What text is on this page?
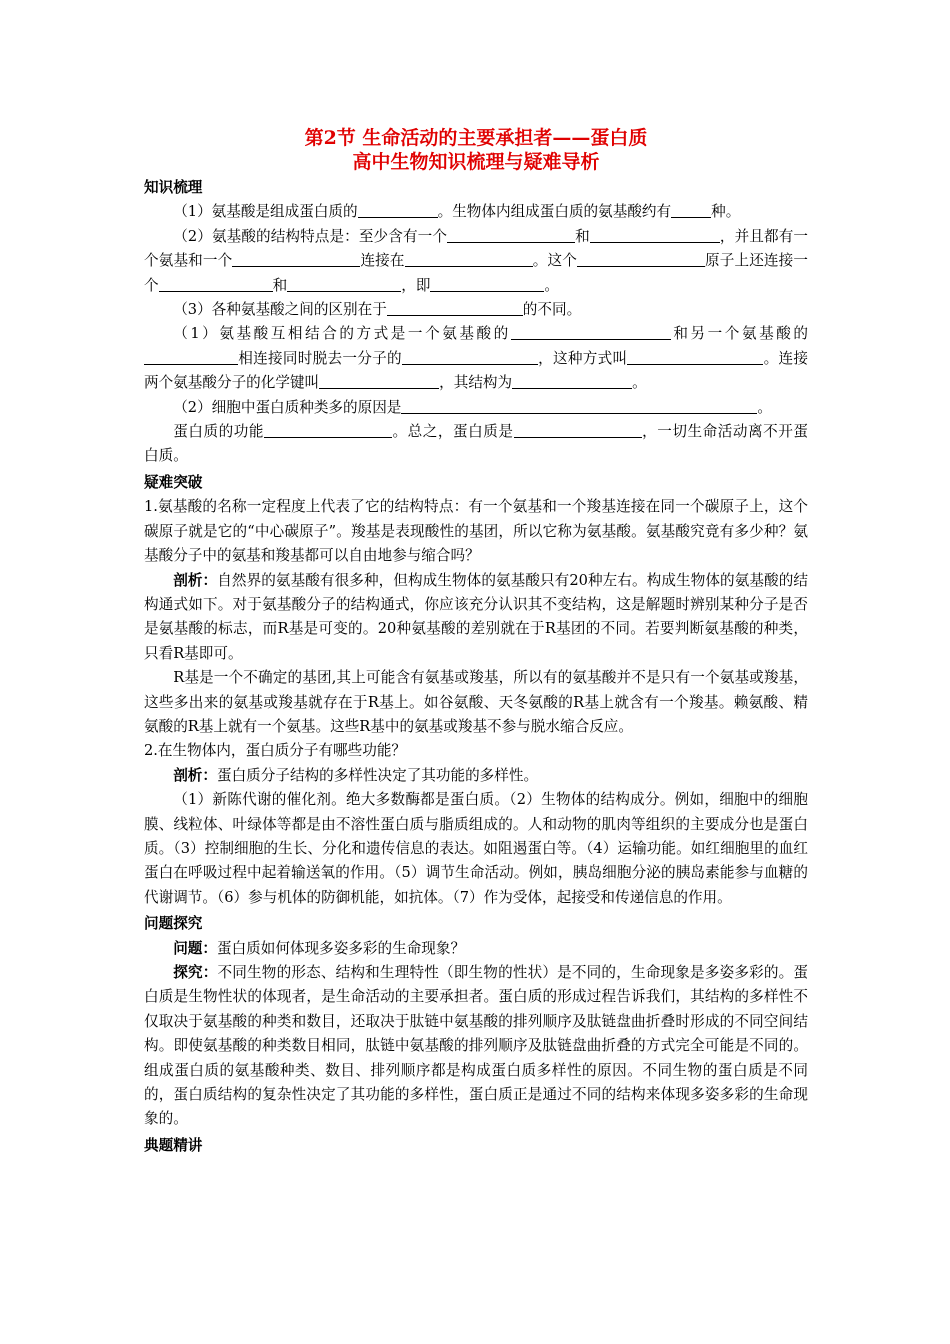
第2节 生命活动的主要承担者——蛋白质
高中生物知识梳理与疑难导析
知识梳理

（1）氨基酸是组成蛋白质的	。生物体内组成蛋白质的氨基酸约有	种。

（2）氨基酸的结构特点是：至少含有一个	和	，并且都有一个氨基和一个	连接在	。这个	原子上还连接一个	和	，即	。

（3）各种氨基酸之间的区别在于	的不同。

（1）氨基酸互相结合的方式是一个氨基酸的	和另一个氨基酸的相连接同时脱去一分子的	，这种方式叫	。连接两个氨基酸分子的化学键叫	，其结构为	。

（2）细胞中蛋白质种类多的原因是	。

蛋白质的功能	。总之，蛋白质是	，一切生命活动离不开蛋白质。

疑难突破

1.氨基酸的名称一定程度上代表了它的结构特点：有一个氨基和一个羧基连接在同一个碳原子上，这个碳原子就是它的“中心碳原子”。羧基是表现酸性的基团，所以它称为氨基酸。氨基酸究竟有多少种？氨基酸分子中的氨基和羧基都可以自由地参与缩合吗？

剖析：自然界的氨基酸有很多种，但构成生物体的氨基酸只有20种左右。构成生物体的氨基酸的结构通式如下。对于氨基酸分子的结构通式，你应该充分认识其不变结构，这是解题时辨别某种分子是否是氨基酸的标志，而R基是可变的。20种氨基酸的差别就在于R基团的不同。若要判断氨基酸的种类，只看R基即可。

R基是一个不确定的基团,其上可能含有氨基或羧基，所以有的氨基酸并不是只有一个氨基或羧基，这些多出来的氨基或羧基就存在于R基上。如谷氨酸、天冬氨酸的R基上就含有一个羧基。赖氨酸、精氨酸的R基上就有一个氨基。这些R基中的氨基或羧基不参与脱水缩合反应。

2.在生物体内，蛋白质分子有哪些功能？

剖析：蛋白质分子结构的多样性决定了其功能的多样性。

（1）新陈代谢的催化剂。绝大多数酶都是蛋白质。（2）生物体的结构成分。例如，细胞中的细胞膜、线粒体、叶绿体等都是由不溶性蛋白质与脂质组成的。人和动物的肌肉等组织的主要成分也是蛋白质。（3）控制细胞的生长、分化和遗传信息的表达。如阻遏蛋白等。（4）运输功能。如红细胞里的血红蛋白在呼吸过程中起着输送氧的作用。（5）调节生命活动。例如，胰岛细胞分泌的胰岛素能参与血糖的代谢调节。（6）参与机体的防御机能，如抗体。（7）作为受体，起接受和传递信息的作用。

问题探究

问题：蛋白质如何体现多姿多彩的生命现象？

探究：不同生物的形态、结构和生理特性（即生物的性状）是不同的，生命现象是多姿多彩的。蛋白质是生物性状的体现者，是生命活动的主要承担者。蛋白质的形成过程告诉我们，其结构的多样性不仅取决于氨基酸的种类和数目，还取决于肽链中氨基酸的排列顺序及肽链盘曲折叠时形成的不同空间结构。即使氨基酸的种类数目相同，肽链中氨基酸的排列顺序及肽链盘曲折叠的方式完全可能是不同的。组成蛋白质的氨基酸种类、数目、排列顺序都是构成蛋白质多样性的原因。不同生物的蛋白质是不同的，蛋白质结构的复杂性决定了其功能的多样性，蛋白质正是通过不同的结构来体现多姿多彩的生命现象的。

典题精讲
